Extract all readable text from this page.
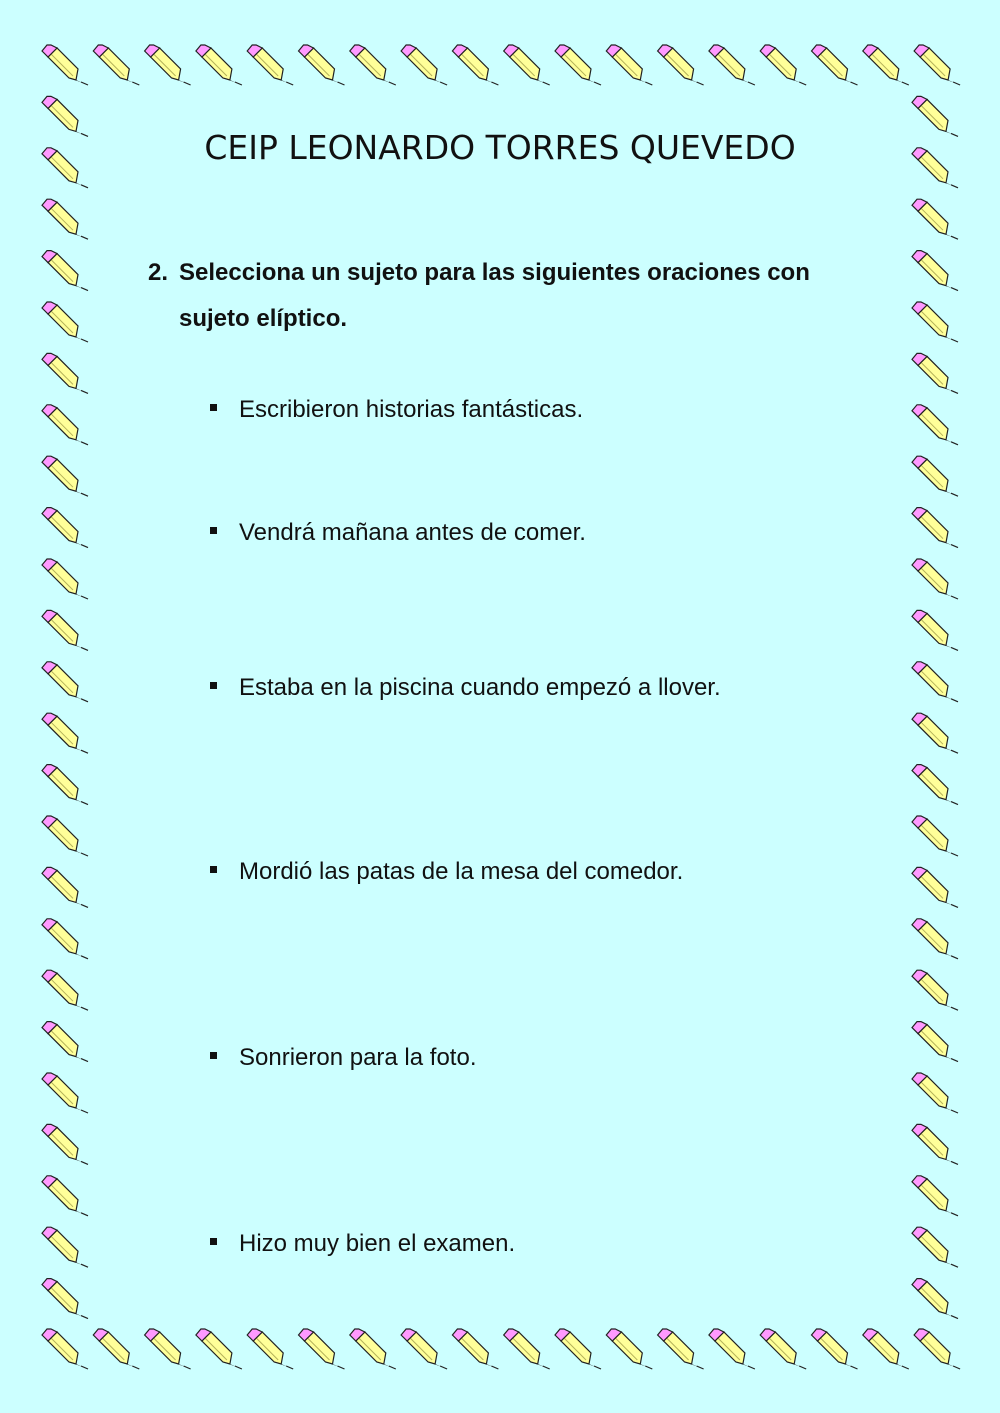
CEIP LEONARDO TORRES QUEVEDO
2. Selecciona un sujeto para las siguientes oraciones con
sujeto elíptico.
Escribieron historias fantásticas.
Vendrá mañana antes de comer.
Estaba en la piscina cuando empezó a llover.
Mordió las patas de la mesa del comedor.
Sonrieron para la foto.
Hizo muy bien el examen.
